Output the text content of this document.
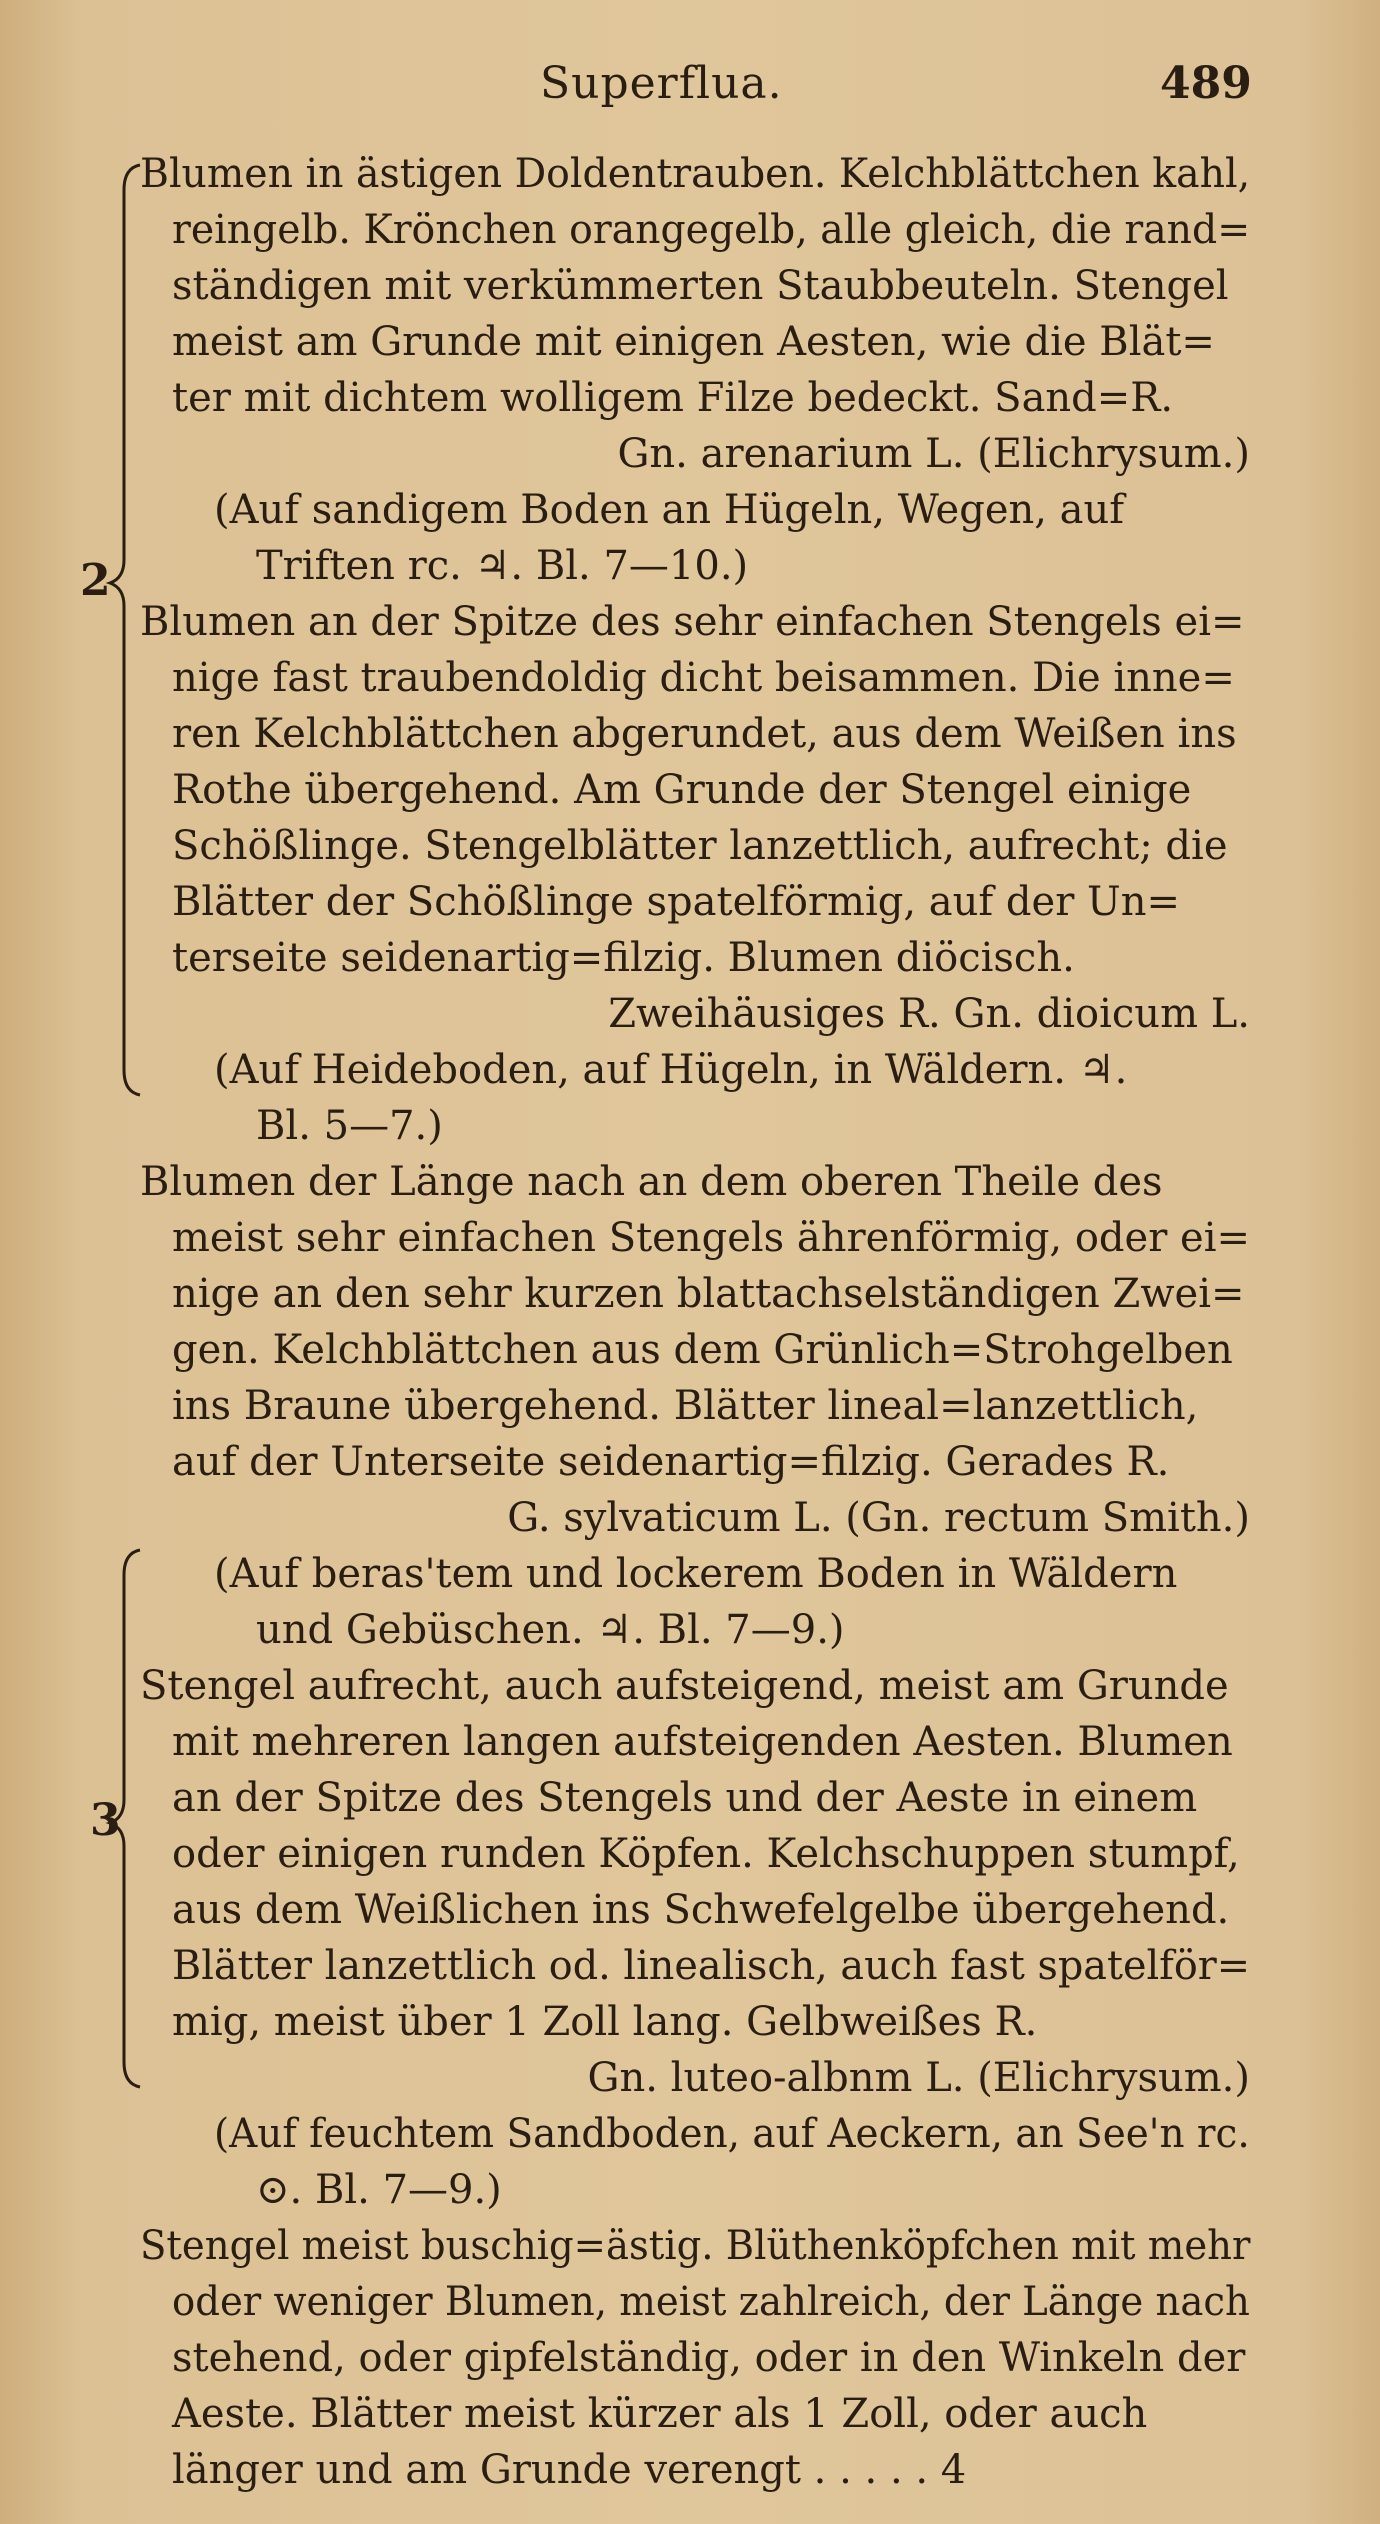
Superflua.	489
2
3
Blumen in ästigen Doldentrauben. Kelchblättchen kahl,
reingelb. Krönchen orangegelb, alle gleich, die rand=
ständigen mit verkümmerten Staubbeuteln. Stengel
meist am Grunde mit einigen Aesten, wie die Blät=
ter mit dichtem wolligem Filze bedeckt. Sand=R.
Gn. arenarium L. (Elichrysum.)
(Auf sandigem Boden an Hügeln, Wegen, auf
Triften rc. ♃. Bl. 7—10.)
Blumen an der Spitze des sehr einfachen Stengels ei=
nige fast traubendoldig dicht beisammen. Die inne=
ren Kelchblättchen abgerundet, aus dem Weißen ins
Rothe übergehend. Am Grunde der Stengel einige
Schößlinge. Stengelblätter lanzettlich, aufrecht; die
Blätter der Schößlinge spatelförmig, auf der Un=
terseite seidenartig=filzig. Blumen diöcisch.
Zweihäusiges R. Gn. dioicum L.
(Auf Heideboden, auf Hügeln, in Wäldern. ♃.
Bl. 5—7.)
Blumen der Länge nach an dem oberen Theile des
meist sehr einfachen Stengels ährenförmig, oder ei=
nige an den sehr kurzen blattachselständigen Zwei=
gen. Kelchblättchen aus dem Grünlich=Strohgelben
ins Braune übergehend. Blätter lineal=lanzettlich,
auf der Unterseite seidenartig=filzig. Gerades R.
G. sylvaticum L. (Gn. rectum Smith.)
(Auf beras'tem und lockerem Boden in Wäldern
und Gebüschen. ♃. Bl. 7—9.)
Stengel aufrecht, auch aufsteigend, meist am Grunde
mit mehreren langen aufsteigenden Aesten. Blumen
an der Spitze des Stengels und der Aeste in einem
oder einigen runden Köpfen. Kelchschuppen stumpf,
aus dem Weißlichen ins Schwefelgelbe übergehend.
Blätter lanzettlich od. linealisch, auch fast spatelför=
mig, meist über 1 Zoll lang. Gelbweißes R.
Gn. luteo-albnm L. (Elichrysum.)
(Auf feuchtem Sandboden, auf Aeckern, an See'n rc.
⊙. Bl. 7—9.)
Stengel meist buschig=ästig. Blüthenköpfchen mit mehr
oder weniger Blumen, meist zahlreich, der Länge nach
stehend, oder gipfelständig, oder in den Winkeln der
Aeste. Blätter meist kürzer als 1 Zoll, oder auch
länger und am Grunde verengt . . . . . 4
